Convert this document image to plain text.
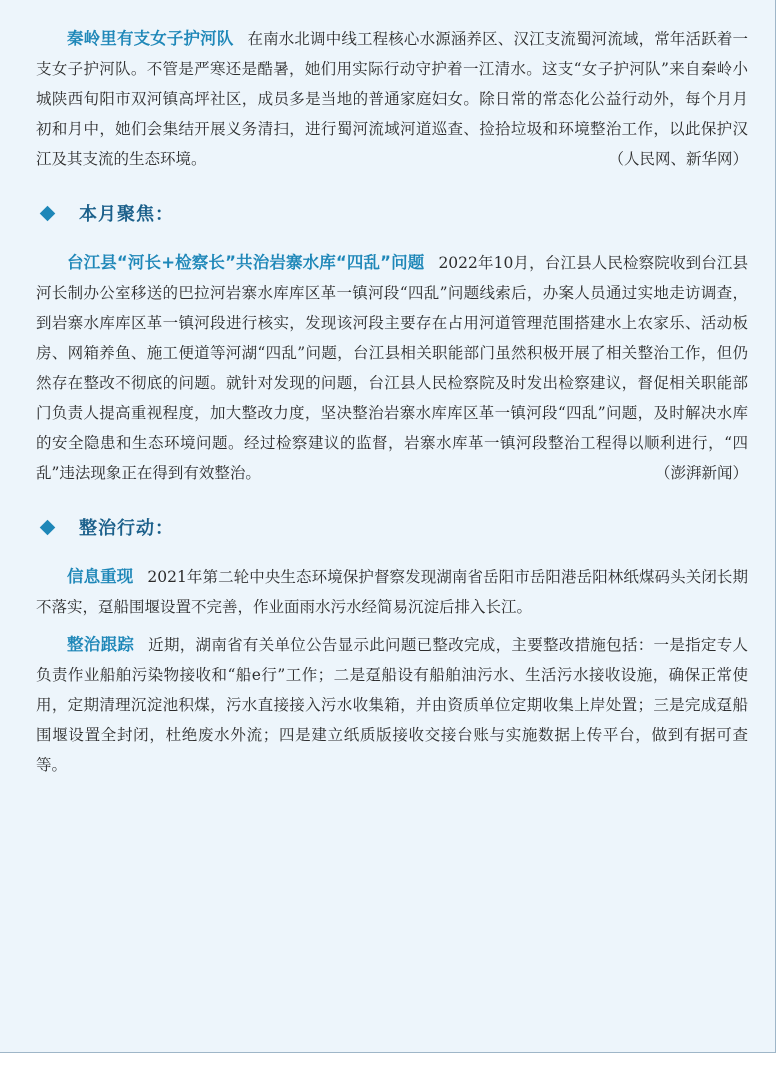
秦岭里有支女子护河队 在南水北调中线工程核心水源涵养区、汉江支流蜀河流域，常年活跃着一支女子护河队。不管是严寒还是酷暑，她们用实际行动守护着一江清水。这支“女子护河队”来自秦岭小城陕西旬阳市双河镇高坪社区，成员多是当地的普通家庭妇女。除日常的常态化公益行动外，每个月月初和月中，她们会集结开展义务清扫，进行蜀河流域河道巡查、捡拾垃圾和环境整治工作，以此保护汉江及其支流的生态环境。	（人民网、新华网）

本月聚焦：

台江县“河长+检察长”共治岩寨水库“四乱”问题 2022年10月，台江县人民检察院收到台江县河长制办公室移送的巴拉河岩寨水库库区革一镇河段“四乱”问题线索后，办案人员通过实地走访调查，到岩寨水库库区革一镇河段进行核实，发现该河段主要存在占用河道管理范围搭建水上农家乐、活动板房、网箱养鱼、施工便道等河湖“四乱”问题，台江县相关职能部门虽然积极开展了相关整治工作，但仍然存在整改不彻底的问题。就针对发现的问题，台江县人民检察院及时发出检察建议，督促相关职能部门负责人提高重视程度，加大整改力度，坚决整治岩寨水库库区革一镇河段“四乱”问题，及时解决水库的安全隐患和生态环境问题。经过检察建议的监督，岩寨水库革一镇河段整治工程得以顺利进行，“四乱”违法现象正在得到有效整治。	（澎湃新闻）

整治行动：

信息重现 2021年第二轮中央生态环境保护督察发现湖南省岳阳市岳阳港岳阳林纸煤码头关闭长期不落实，趸船围堰设置不完善，作业面雨水污水经简易沉淀后排入长江。

整治跟踪 近期，湖南省有关单位公告显示此问题已整改完成，主要整改措施包括：一是指定专人负责作业船舶污染物接收和“船e行”工作；二是趸船设有船舶油污水、生活污水接收设施，确保正常使用，定期清理沉淀池积煤，污水直接接入污水收集箱，并由资质单位定期收集上岸处置；三是完成趸船围堰设置全封闭，杜绝废水外流；四是建立纸质版接收交接台账与实施数据上传平台，做到有据可查等。
